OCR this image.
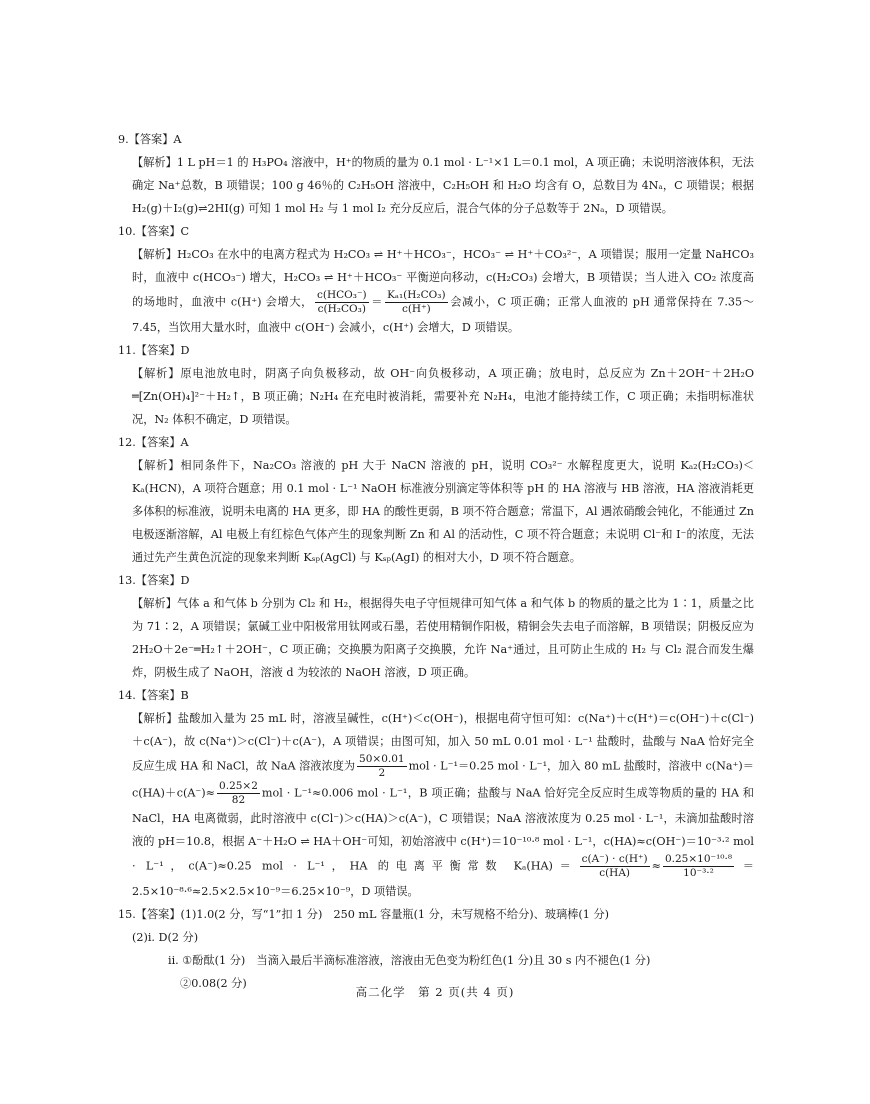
9.【答案】A

【解析】1 L pH＝1 的 H₃PO₄ 溶液中，H⁺的物质的量为 0.1 mol · L⁻¹×1 L＝0.1 mol，A 项正确；未说明溶液体积，无法确定 Na⁺总数，B 项错误；100 g 46％的 C₂H₅OH 溶液中，C₂H₅OH 和 H₂O 均含有 O，总数目为 4Nₐ，C 项错误；根据 H₂(g)＋I₂(g)⇌2HI(g) 可知 1 mol H₂ 与 1 mol I₂ 充分反应后，混合气体的分子总数等于 2Nₐ，D 项错误。

10.【答案】C

【解析】H₂CO₃ 在水中的电离方程式为 H₂CO₃ ⇌ H⁺＋HCO₃⁻，HCO₃⁻ ⇌ H⁺＋CO₃²⁻，A 项错误；服用一定量 NaHCO₃ 时，血液中 c(HCO₃⁻) 增大，H₂CO₃ ⇌ H⁺＋HCO₃⁻ 平衡逆向移动，c(H₂CO₃) 会增大，B 项错误；当人进入 CO₂ 浓度高的场地时，血液中 c(H⁺) 会增大， $\frac{\text{c(HCO₃⁻)}}{\text{c(H₂CO₃)}} = \frac{\text{Kₐ₁(H₂CO₃)}}{c(H^+)}$ 会减小，C 项正确；正常人血液的 pH 通常保持在 7.35～7.45，当饮用大量水时，血液中 c(OH⁻) 会减小，c(H⁺) 会增大，D 项错误。

11.【答案】D

【解析】原电池放电时，阴离子向负极移动，故 OH⁻向负极移动，A 项正确；放电时，总反应为 Zn＋2OH⁻＋2H₂O ═[Zn(OH)₄]²⁻＋H₂↑，B 项正确；N₂H₄ 在充电时被消耗，需要补充 N₂H₄，电池才能持续工作，C 项正确；未指明标准状况，N₂ 体积不确定，D 项错误。

12.【答案】A

【解析】相同条件下，Na₂CO₃ 溶液的 pH 大于 NaCN 溶液的 pH，说明 CO₃²⁻ 水解程度更大，说明 Kₐ₂(H₂CO₃)＜Kₐ(HCN)，A 项符合题意；用 0.1 mol · L⁻¹ NaOH 标准液分别滴定等体积等 pH 的 HA 溶液与 HB 溶液，HA 溶液消耗更多体积的标准液，说明未电离的 HA 更多，即 HA 的酸性更弱，B 项不符合题意；常温下，Al 遇浓硝酸会钝化，不能通过 Zn 电极逐渐溶解，Al 电极上有红棕色气体产生的现象判断 Zn 和 Al 的活动性，C 项不符合题意；未说明 Cl⁻和 I⁻的浓度，无法通过先产生黄色沉淀的现象来判断 Kₛₚ(AgCl) 与 Kₛₚ(AgI) 的相对大小，D 项不符合题意。

13.【答案】D

【解析】气体 a 和气体 b 分别为 Cl₂ 和 H₂，根据得失电子守恒规律可知气体 a 和气体 b 的物质的量之比为 1∶1，质量之比为 71∶2，A 项错误；氯碱工业中阳极常用钛网或石墨，若使用精铜作阳极，精铜会失去电子而溶解，B 项错误；阴极反应为 2H₂O＋2e⁻═H₂↑＋2OH⁻，C 项正确；交换膜为阳离子交换膜，允许 Na⁺通过，且可防止生成的 H₂ 与 Cl₂ 混合而发生爆炸，阴极生成了 NaOH，溶液 d 为较浓的 NaOH 溶液，D 项正确。

14.【答案】B

【解析】盐酸加入量为 25 mL 时，溶液呈碱性，c(H⁺)＜c(OH⁻)，根据电荷守恒可知：c(Na⁺)＋c(H⁺)＝c(OH⁻)＋c(Cl⁻)＋c(A⁻)，故 c(Na⁺)＞c(Cl⁻)＋c(A⁻)，A 项错误；由图可知，加入 50 mL 0.01 mol · L⁻¹ 盐酸时，盐酸与 NaA 恰好完全反应生成 HA 和 NaCl，故 NaA 溶液浓度为 $\frac{50\times 0.01}{2}$ mol · L⁻¹＝0.25 mol · L⁻¹，加入 80 mL 盐酸时，溶液中 $c(Na^+)=c(HA)+c(A^-)\approx \frac{0.25\times 2}{82}$ mol · L⁻¹≈0.006 mol · L⁻¹，B 项正确；盐酸与 NaA 恰好完全反应时生成等物质的量的 HA 和 NaCl，HA 电离微弱，此时溶液中 c(Cl⁻)＞c(HA)＞c(A⁻)，C 项错误；NaA 溶液浓度为 0.25 mol · L⁻¹，未滴加盐酸时溶液的 pH＝10.8，根据 A⁻＋H₂O ⇌ HA＋OH⁻可知，初始溶液中 c(H⁺)＝10⁻¹⁰·⁸ mol · L⁻¹，c(HA)≈c(OH⁻)＝10⁻³·² mol · L⁻¹，c(A⁻)≈0.25 mol · L⁻¹，HA 的电离平衡常数 $K_a(HA)= \frac{c(A^-) \cdot c(H^+)}{c(HA)} \approx \frac{\text{0.25×10⁻¹⁰·⁸}}{\text{10⁻³·²}} =2.5\times 10^{-8}\cdot^6\approx 2.5\times 2.5\times 10^{-9}=6.25\times 10^{-9}$，D 项错误。

15.【答案】(1)1.0(2 分，写“1”扣 1 分)　250 mL 容量瓶(1 分，未写规格不给分)、玻璃棒(1 分)

(2)i. D(2 分)

ii. ①酚酞(1 分)　当滴入最后半滴标准溶液，溶液由无色变为粉红色(1 分)且 30 s 内不褪色(1 分)

②0.08(2 分)

高二化学　第 2 页(共 4 页)
